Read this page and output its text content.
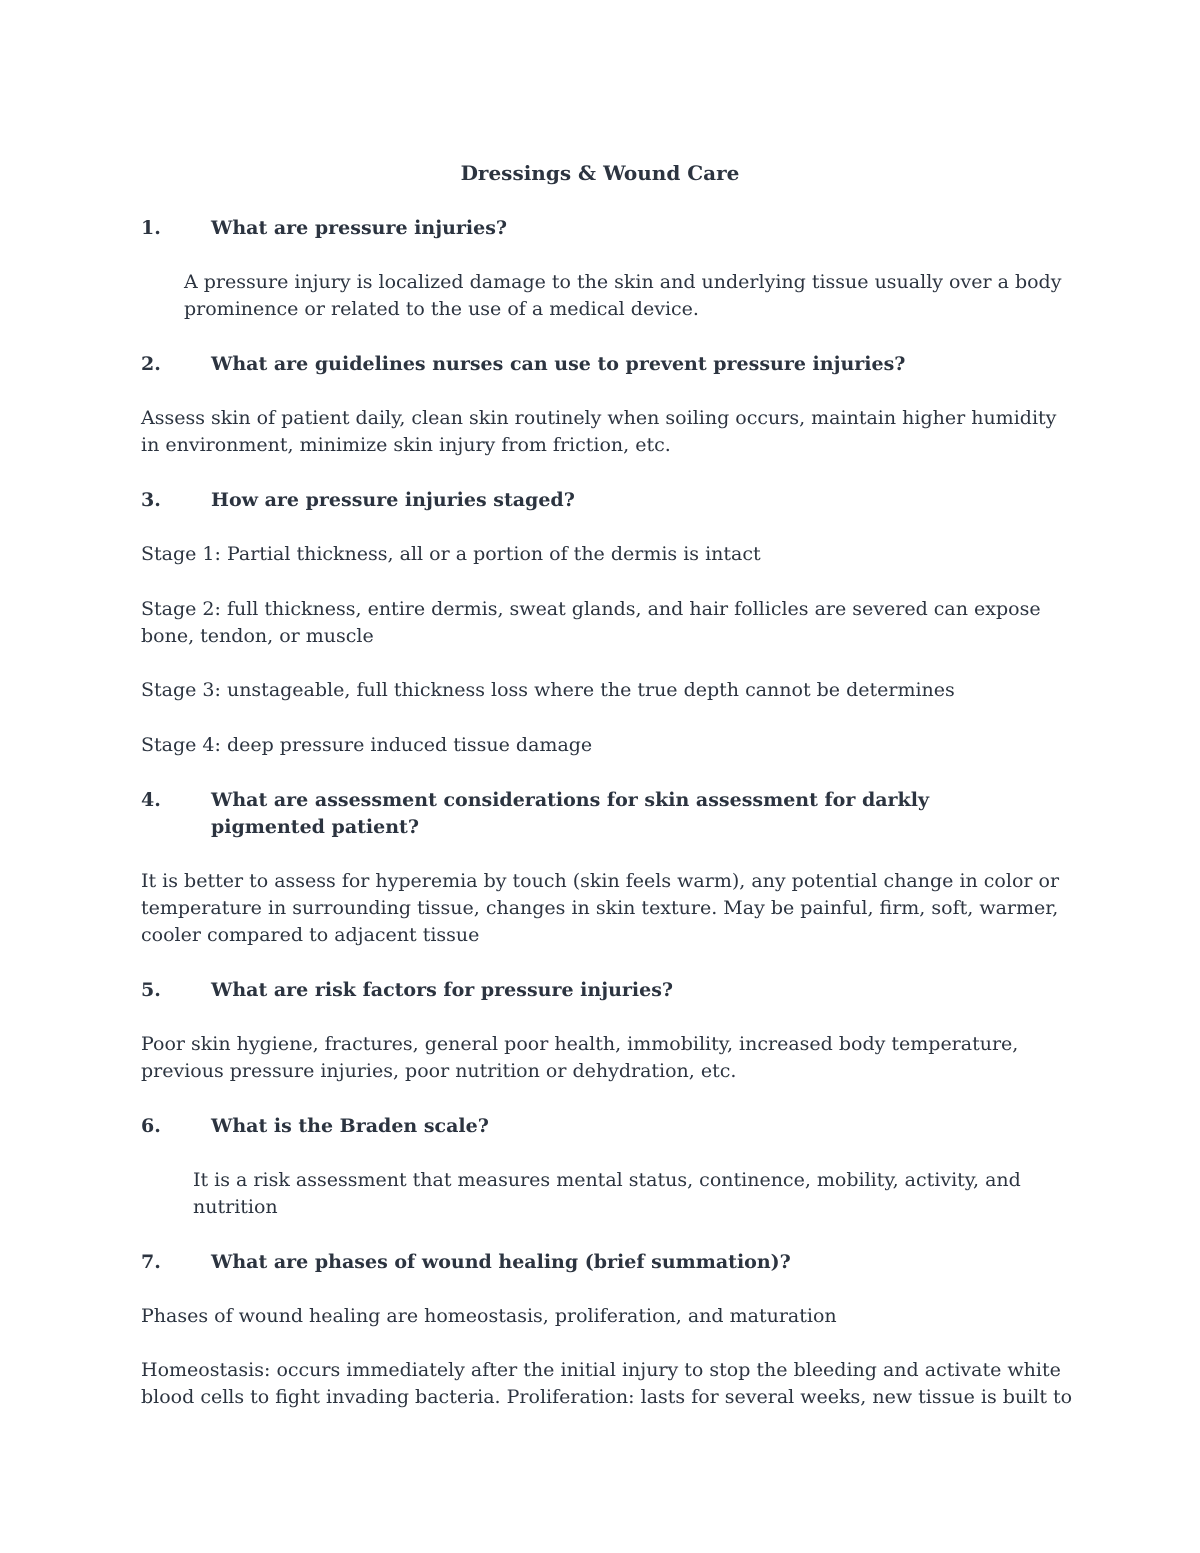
Dressings & Wound Care
1.	What are pressure injuries?
A pressure injury is localized damage to the skin and underlying tissue usually over a body
prominence or related to the use of a medical device.
2.	What are guidelines nurses can use to prevent pressure injuries?
Assess skin of patient daily, clean skin routinely when soiling occurs, maintain higher humidity
in environment, minimize skin injury from friction, etc.
3.	How are pressure injuries staged?
Stage 1: Partial thickness, all or a portion of the dermis is intact
Stage 2: full thickness, entire dermis, sweat glands, and hair follicles are severed can expose
bone, tendon, or muscle
Stage 3: unstageable, full thickness loss where the true depth cannot be determines
Stage 4: deep pressure induced tissue damage
4.	What are assessment considerations for skin assessment for darkly pigmented patient?
It is better to assess for hyperemia by touch (skin feels warm), any potential change in color or
temperature in surrounding tissue, changes in skin texture. May be painful, firm, soft, warmer,
cooler compared to adjacent tissue
5.	What are risk factors for pressure injuries?
Poor skin hygiene, fractures, general poor health, immobility, increased body temperature,
previous pressure injuries, poor nutrition or dehydration, etc.
6.	What is the Braden scale?
It is a risk assessment that measures mental status, continence, mobility, activity, and
nutrition
7.	What are phases of wound healing (brief summation)?
Phases of wound healing are homeostasis, proliferation, and maturation
Homeostasis: occurs immediately after the initial injury to stop the bleeding and activate white
blood cells to fight invading bacteria. Proliferation: lasts for several weeks, new tissue is built to
